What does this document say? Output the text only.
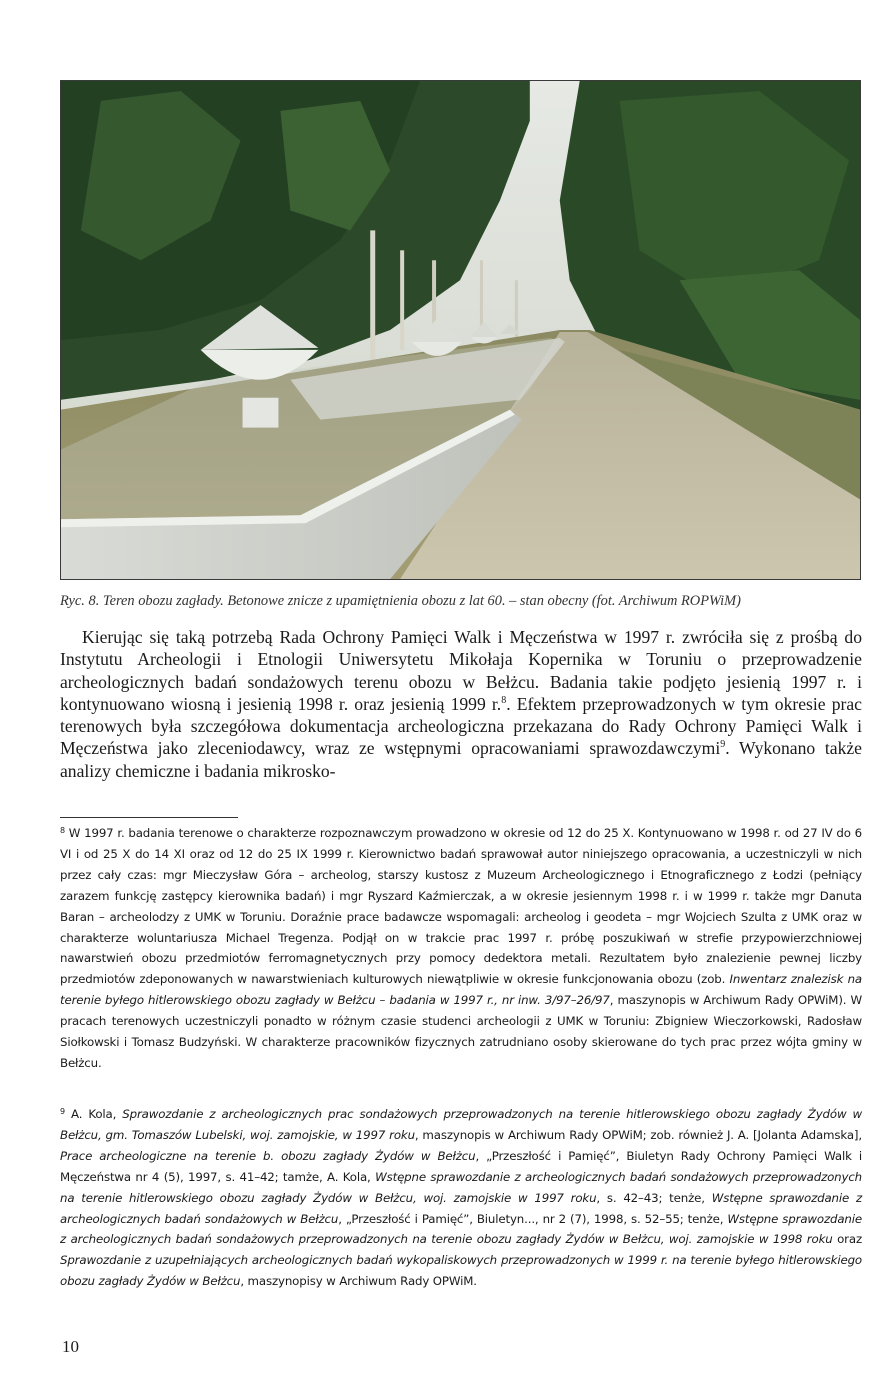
Ryc. 8. Teren obozu zagłady. Betonowe znicze z upamiętnienia obozu z lat 60. – stan obecny (fot. Archiwum ROPWiM)

Kierując się taką potrzebą Rada Ochrony Pamięci Walk i Męczeństwa w 1997 r. zwróciła się z prośbą do Instytutu Archeologii i Etnologii Uniwersytetu Mikołaja Kopernika w Toruniu o przeprowadzenie archeologicznych badań sondażowych terenu obozu w Bełżcu. Badania takie podjęto jesienią 1997 r. i kontynuowano wiosną i jesienią 1998 r. oraz jesienią 1999 r.$^8$. Efektem przeprowadzonych w tym okresie prac terenowych była szczegółowa dokumentacja archeologiczna przekazana do Rady Ochrony Pamięci Walk i Męczeństwa jako zleceniodawcy, wraz ze wstępnymi opracowaniami sprawozdawczymi$^9$. Wykonano także analizy chemiczne i badania mikrosko-

$^8$ W 1997 r. badania terenowe o charakterze rozpoznawczym prowadzono w okresie od 12 do 25 X. Kontynuowano w 1998 r. od 27 IV do 6 VI i od 25 X do 14 XI oraz od 12 do 25 IX 1999 r. Kierownictwo badań sprawował autor niniejszego opracowania, a uczestniczyli w nich przez cały czas: mgr Mieczysław Góra – archeolog, starszy kustosz z Muzeum Archeologicznego i Etnograficznego z Łodzi (pełniący zarazem funkcję zastępcy kierownika badań) i mgr Ryszard Kaźmierczak, a w okresie jesiennym 1998 r. i w 1999 r. także mgr Danuta Baran – archeolodzy z UMK w Toruniu. Doraźnie prace badawcze wspomagali: archeolog i geodeta – mgr Wojciech Szulta z UMK oraz w charakterze woluntariusza Michael Tregenza. Podjął on w trakcie prac 1997 r. próbę poszukiwań w strefie przypowierzchniowej nawarstwień obozu przedmiotów ferromagnetycznych przy pomocy dedektora metali. Rezultatem było znalezienie pewnej liczby przedmiotów zdeponowanych w nawarstwieniach kulturowych niewątpliwie w okresie funkcjonowania obozu (zob. Inwentarz znalezisk na terenie byłego hitlerowskiego obozu zagłady w Bełżcu – badania w 1997 r., nr inw. 3/97–26/97, maszynopis w Archiwum Rady OPWiM). W pracach terenowych uczestniczyli ponadto w różnym czasie studenci archeologii z UMK w Toruniu: Zbigniew Wieczorkowski, Radosław Siołkowski i Tomasz Budzyński. W charakterze pracowników fizycznych zatrudniano osoby skierowane do tych prac przez wójta gminy w Bełżcu.

$^9$ A. Kola, Sprawozdanie z archeologicznych prac sondażowych przeprowadzonych na terenie hitlerowskiego obozu zagłady Żydów w Bełżcu, gm. Tomaszów Lubelski, woj. zamojskie, w 1997 roku, maszynopis w Archiwum Rady OPWiM; zob. również J. A. [Jolanta Adamska], Prace archeologiczne na terenie b. obozu zagłady Żydów w Bełżcu, „Przeszłość i Pamięć”, Biuletyn Rady Ochrony Pamięci Walk i Męczeństwa nr 4 (5), 1997, s. 41–42; tamże, A. Kola, Wstępne sprawozdanie z archeologicznych badań sondażowych przeprowadzonych na terenie hitlerowskiego obozu zagłady Żydów w Bełżcu, woj. zamojskie w 1997 roku, s. 42–43; tenże, Wstępne sprawozdanie z archeologicznych badań sondażowych w Bełżcu, „Przeszłość i Pamięć”, Biuletyn..., nr 2 (7), 1998, s. 52–55; tenże, Wstępne sprawozdanie z archeologicznych badań sondażowych przeprowadzonych na terenie obozu zagłady Żydów w Bełżcu, woj. zamojskie w 1998 roku oraz Sprawozdanie z uzupełniających archeologicznych badań wykopaliskowych przeprowadzonych w 1999 r. na terenie byłego hitlerowskiego obozu zagłady Żydów w Bełżcu, maszynopisy w Archiwum Rady OPWiM.

10
